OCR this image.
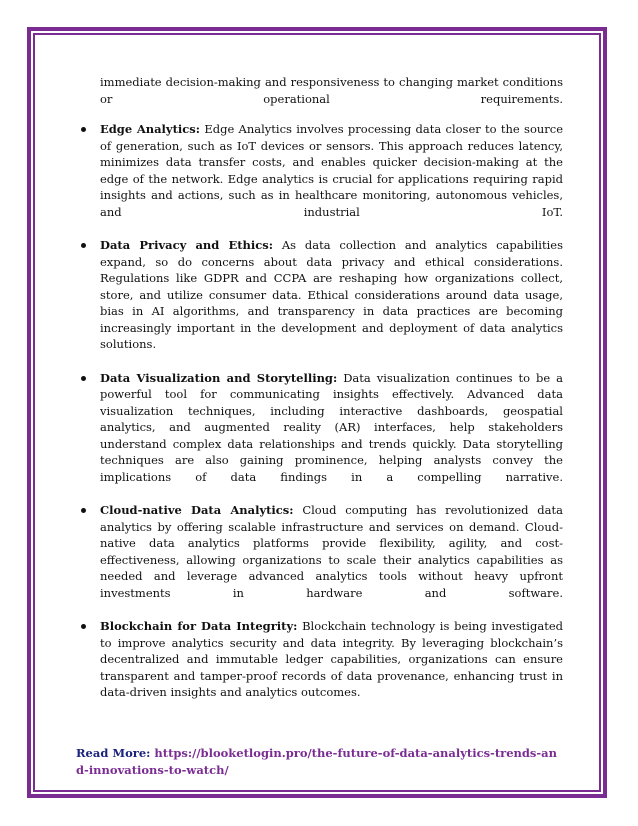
immediate decision-making and responsiveness to changing market conditions or operational requirements.

Edge Analytics: Edge Analytics involves processing data closer to the source of generation, such as IoT devices or sensors. This approach reduces latency, minimizes data transfer costs, and enables quicker decision-making at the edge of the network. Edge analytics is crucial for applications requiring rapid insights and actions, such as in healthcare monitoring, autonomous vehicles, and industrial IoT.

Data Privacy and Ethics: As data collection and analytics capabilities expand, so do concerns about data privacy and ethical considerations. Regulations like GDPR and CCPA are reshaping how organizations collect, store, and utilize consumer data. Ethical considerations around data usage, bias in AI algorithms, and transparency in data practices are becoming increasingly important in the development and deployment of data analytics solutions.

Data Visualization and Storytelling: Data visualization continues to be a powerful tool for communicating insights effectively. Advanced data visualization techniques, including interactive dashboards, geospatial analytics, and augmented reality (AR) interfaces, help stakeholders understand complex data relationships and trends quickly. Data storytelling techniques are also gaining prominence, helping analysts convey the implications of data findings in a compelling narrative.

Cloud-native Data Analytics: Cloud computing has revolutionized data analytics by offering scalable infrastructure and services on demand. Cloud-native data analytics platforms provide flexibility, agility, and cost-effectiveness, allowing organizations to scale their analytics capabilities as needed and leverage advanced analytics tools without heavy upfront investments in hardware and software.

Blockchain for Data Integrity: Blockchain technology is being investigated to improve analytics security and data integrity. By leveraging blockchain’s decentralized and immutable ledger capabilities, organizations can ensure transparent and tamper-proof records of data provenance, enhancing trust in data-driven insights and analytics outcomes.

Read More: https://blooketlogin.pro/the-future-of-data-analytics-trends-and-innovations-to-watch/
